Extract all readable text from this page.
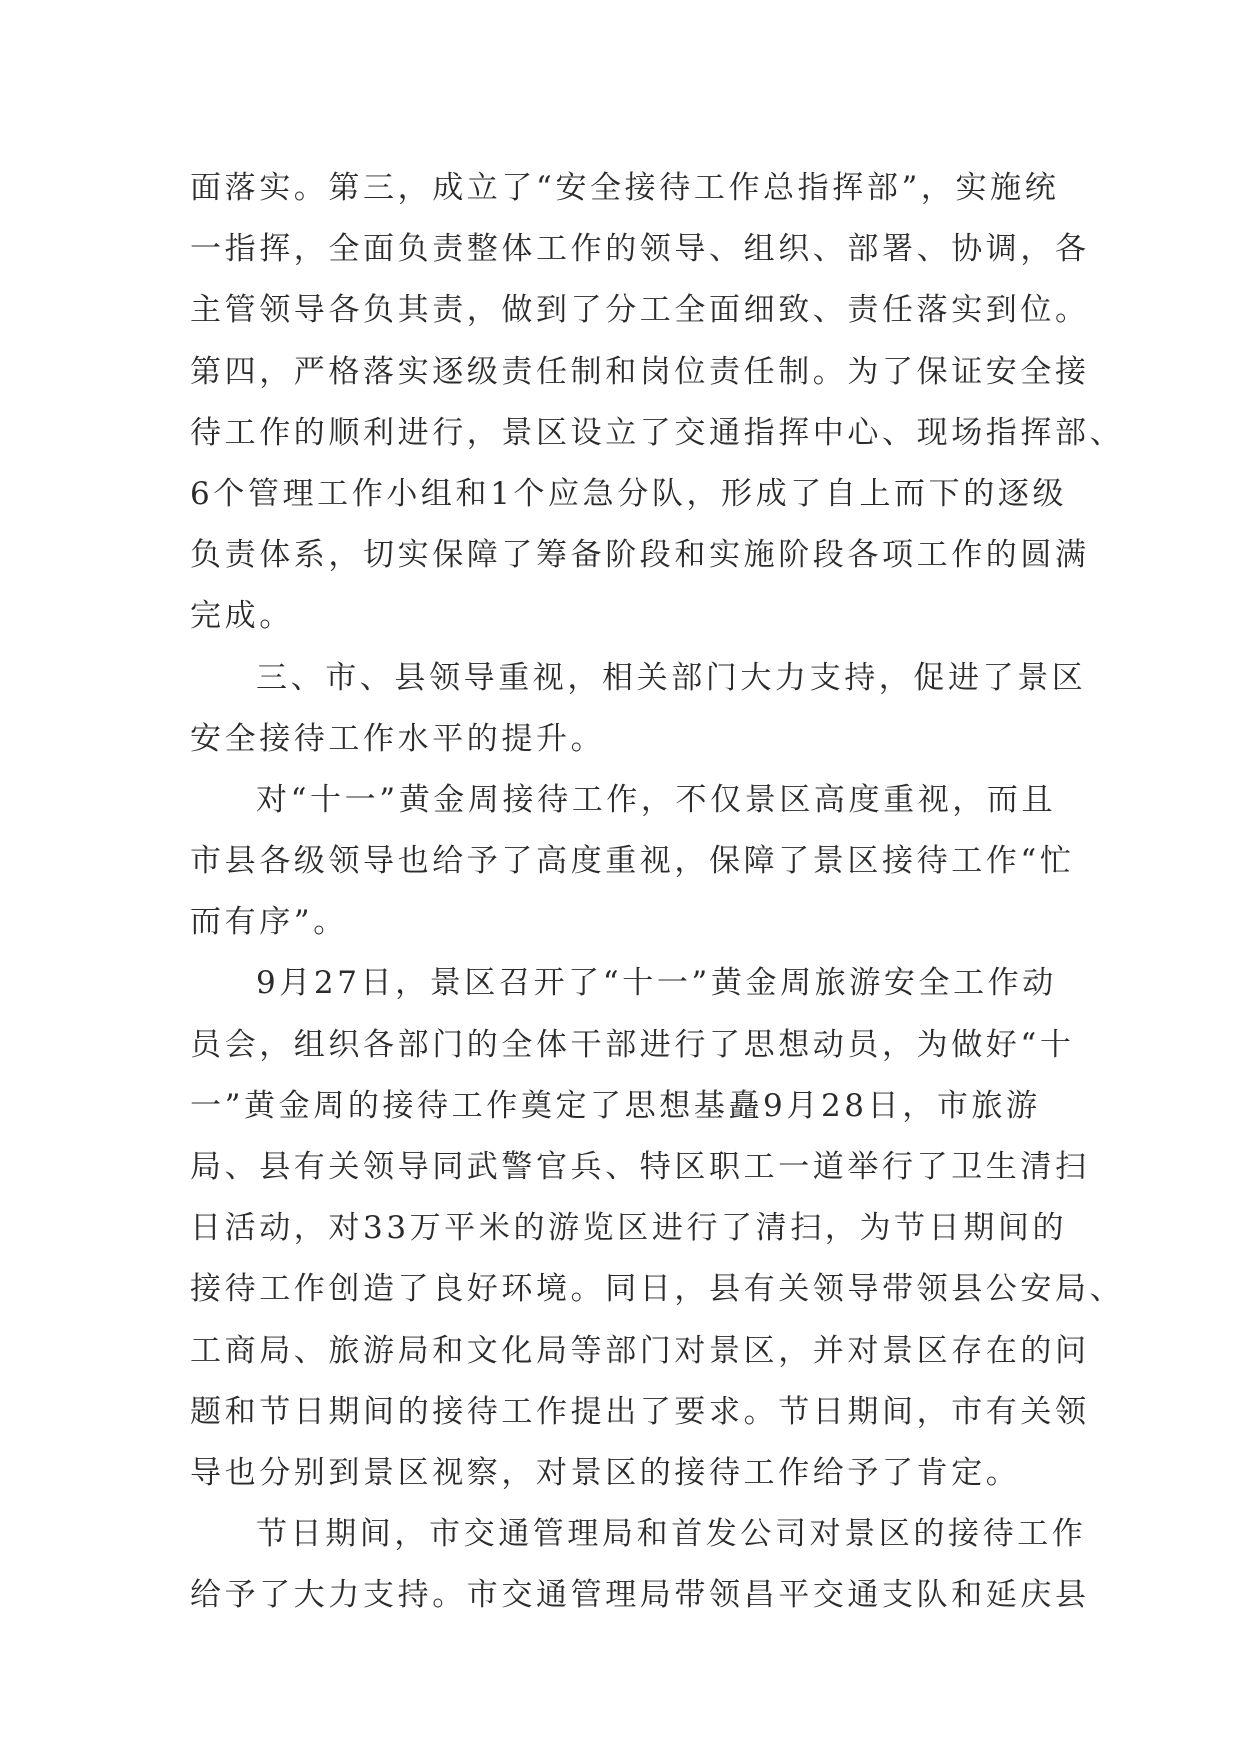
面落实。第三，成立了“安全接待工作总指挥部”，实施统
一指挥，全面负责整体工作的领导、组织、部署、协调，各
主管领导各负其责，做到了分工全面细致、责任落实到位。
第四，严格落实逐级责任制和岗位责任制。为了保证安全接
待工作的顺利进行，景区设立了交通指挥中心、现场指挥部、
6个管理工作小组和1个应急分队，形成了自上而下的逐级
负责体系，切实保障了筹备阶段和实施阶段各项工作的圆满
完成。
三、市、县领导重视，相关部门大力支持，促进了景区
安全接待工作水平的提升。
对“十一”黄金周接待工作，不仅景区高度重视，而且
市县各级领导也给予了高度重视，保障了景区接待工作“忙
而有序”。
9月27日，景区召开了“十一”黄金周旅游安全工作动
员会，组织各部门的全体干部进行了思想动员，为做好“十
一”黄金周的接待工作奠定了思想基矗9月28日，市旅游
局、县有关领导同武警官兵、特区职工一道举行了卫生清扫
日活动，对33万平米的游览区进行了清扫，为节日期间的
接待工作创造了良好环境。同日，县有关领导带领县公安局、
工商局、旅游局和文化局等部门对景区，并对景区存在的问
题和节日期间的接待工作提出了要求。节日期间，市有关领
导也分别到景区视察，对景区的接待工作给予了肯定。
节日期间，市交通管理局和首发公司对景区的接待工作
给予了大力支持。市交通管理局带领昌平交通支队和延庆县
